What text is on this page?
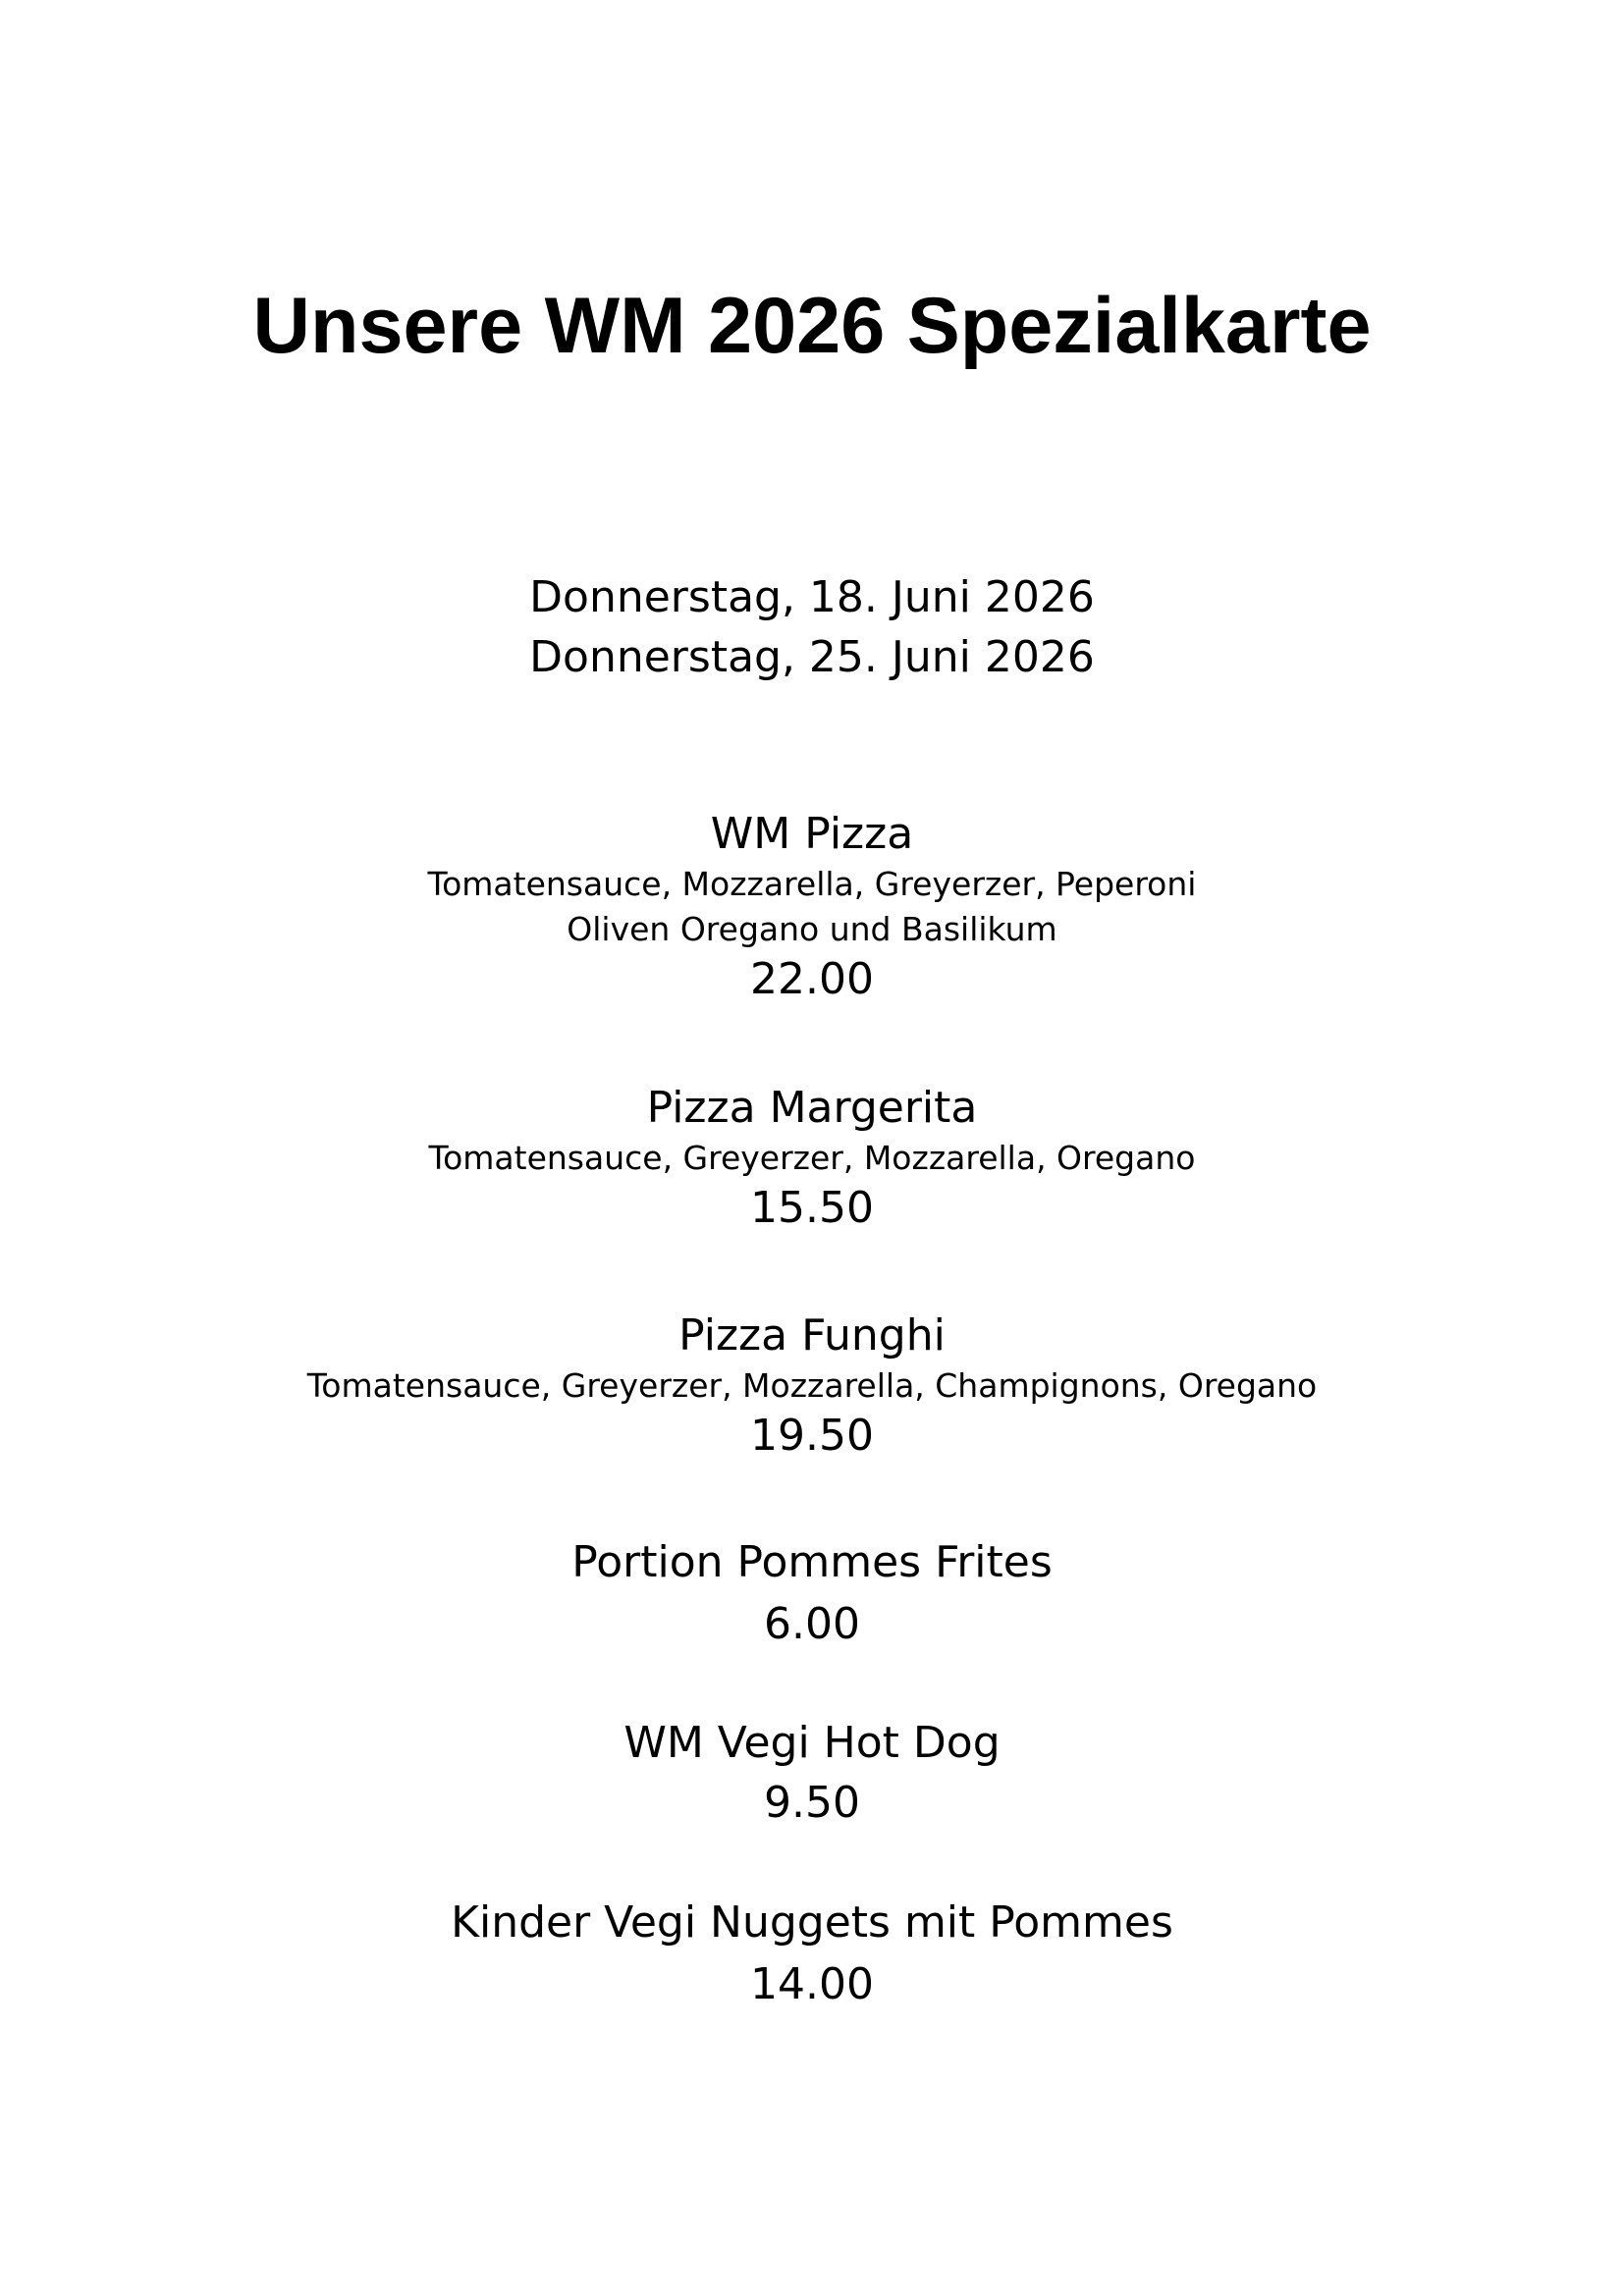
Unsere WM 2026 Spezialkarte
Donnerstag, 18. Juni 2026
Donnerstag, 25. Juni 2026
WM Pizza
Tomatensauce, Mozzarella, Greyerzer, Peperoni
Oliven Oregano und Basilikum
22.00
Pizza Margerita
Tomatensauce, Greyerzer, Mozzarella, Oregano
15.50
Pizza Funghi
Tomatensauce, Greyerzer, Mozzarella, Champignons, Oregano
19.50
Portion Pommes Frites
6.00
WM Vegi Hot Dog
9.50
Kinder Vegi Nuggets mit Pommes
14.00
